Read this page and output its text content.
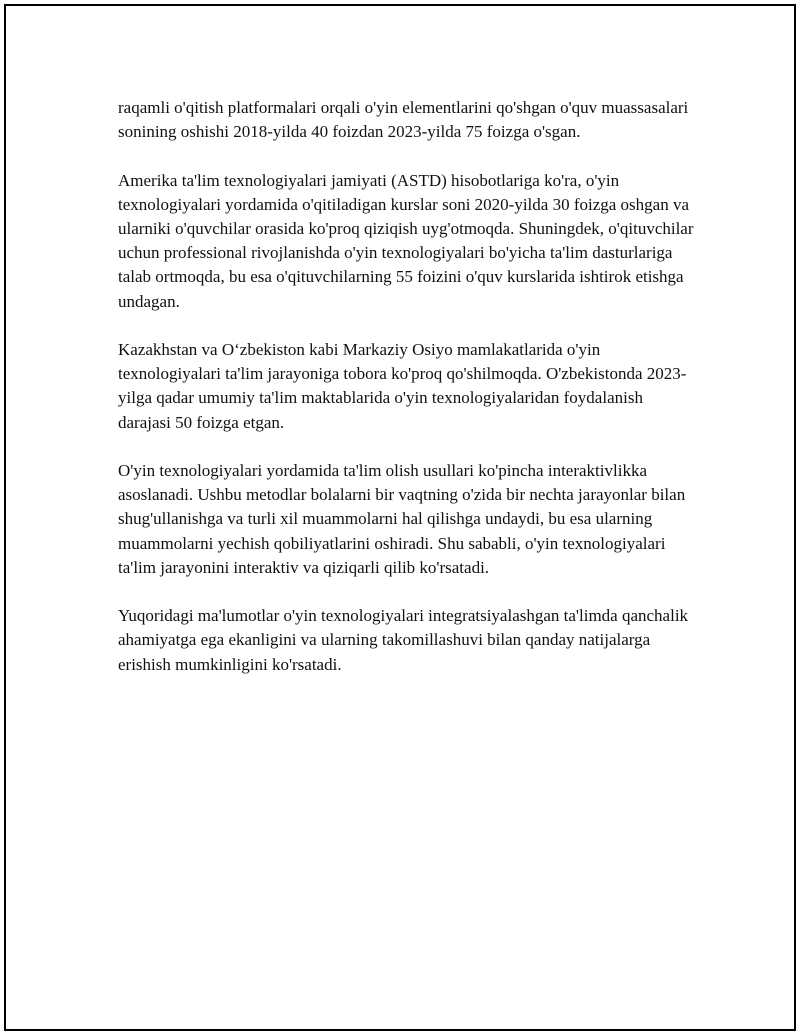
raqamli o'qitish platformalari orqali o'yin elementlarini qo'shgan o'quv muassasalari sonining oshishi 2018-yilda 40 foizdan 2023-yilda 75 foizga o'sgan.

Amerika ta'lim texnologiyalari jamiyati (ASTD) hisobotlariga ko'ra, o'yin texnologiyalari yordamida o'qitiladigan kurslar soni 2020-yilda 30 foizga oshgan va ularniki o'quvchilar orasida ko'proq qiziqish uyg'otmoqda. Shuningdek, o'qituvchilar uchun professional rivojlanishda o'yin texnologiyalari bo'yicha ta'lim dasturlariga talab ortmoqda, bu esa o'qituvchilarning 55 foizini o'quv kurslarida ishtirok etishga undagan.

Kazakhstan va O‘zbekiston kabi Markaziy Osiyo mamlakatlarida o'yin texnologiyalari ta'lim jarayoniga tobora ko'proq qo'shilmoqda. O'zbekistonda 2023-yilga qadar umumiy ta'lim maktablarida o'yin texnologiyalaridan foydalanish darajasi 50 foizga etgan.

O'yin texnologiyalari yordamida ta'lim olish usullari ko'pincha interaktivlikka asoslanadi. Ushbu metodlar bolalarni bir vaqtning o'zida bir nechta jarayonlar bilan shug'ullanishga va turli xil muammolarni hal qilishga undaydi, bu esa ularning muammolarni yechish qobiliyatlarini oshiradi. Shu sababli, o'yin texnologiyalari ta'lim jarayonini interaktiv va qiziqarli qilib ko'rsatadi.

Yuqoridagi ma'lumotlar o'yin texnologiyalari integratsiyalashgan ta'limda qanchalik ahamiyatga ega ekanligini va ularning takomillashuvi bilan qanday natijalarga erishish mumkinligini ko'rsatadi.
